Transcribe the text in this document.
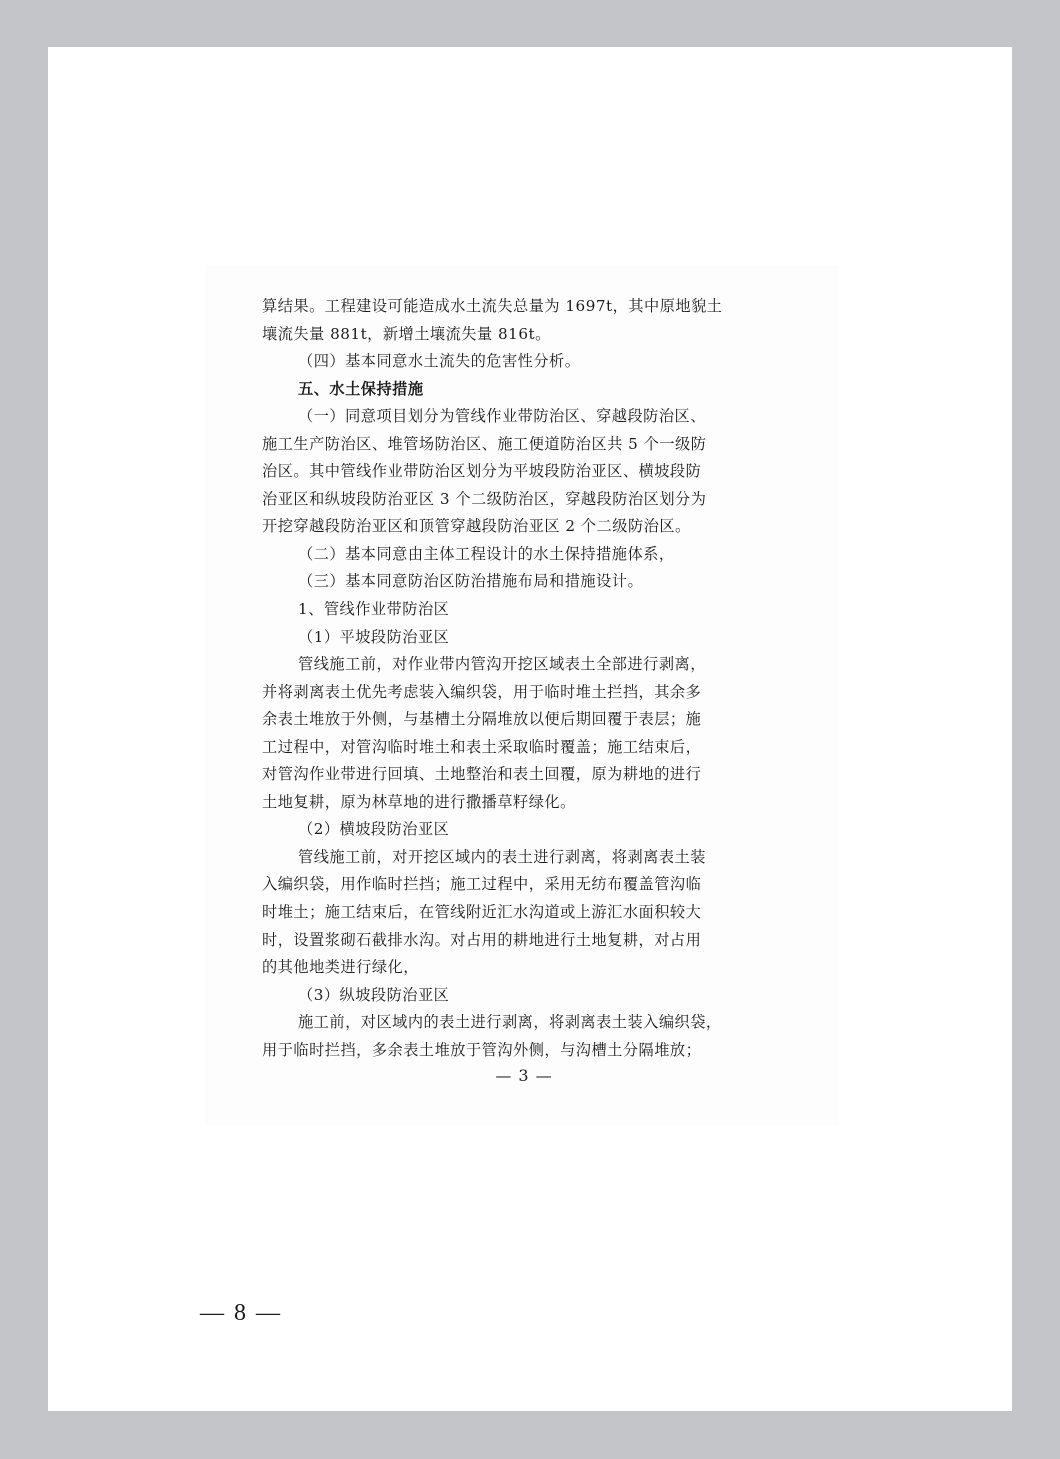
算结果。工程建设可能造成水土流失总量为 1697t，其中原地貌土

壤流失量 881t，新增土壤流失量 816t。

（四）基本同意水土流失的危害性分析。

五、水土保持措施

（一）同意项目划分为管线作业带防治区、穿越段防治区、

施工生产防治区、堆管场防治区、施工便道防治区共 5 个一级防

治区。其中管线作业带防治区划分为平坡段防治亚区、横坡段防

治亚区和纵坡段防治亚区 3 个二级防治区，穿越段防治区划分为

开挖穿越段防治亚区和顶管穿越段防治亚区 2 个二级防治区。

（二）基本同意由主体工程设计的水土保持措施体系，

（三）基本同意防治区防治措施布局和措施设计。

1、管线作业带防治区

（1）平坡段防治亚区

管线施工前，对作业带内管沟开挖区域表土全部进行剥离，

并将剥离表土优先考虑装入编织袋，用于临时堆土拦挡，其余多

余表土堆放于外侧，与基槽土分隔堆放以便后期回覆于表层；施

工过程中，对管沟临时堆土和表土采取临时覆盖；施工结束后，

对管沟作业带进行回填、土地整治和表土回覆，原为耕地的进行

土地复耕，原为林草地的进行撒播草籽绿化。

（2）横坡段防治亚区

管线施工前，对开挖区域内的表土进行剥离，将剥离表土装

入编织袋，用作临时拦挡；施工过程中，采用无纺布覆盖管沟临

时堆土；施工结束后，在管线附近汇水沟道或上游汇水面积较大

时，设置浆砌石截排水沟。对占用的耕地进行土地复耕，对占用

的其他地类进行绿化，

（3）纵坡段防治亚区

施工前，对区域内的表土进行剥离，将剥离表土装入编织袋，

用于临时拦挡，多余表土堆放于管沟外侧，与沟槽土分隔堆放；

— 3 —
— 8 —
